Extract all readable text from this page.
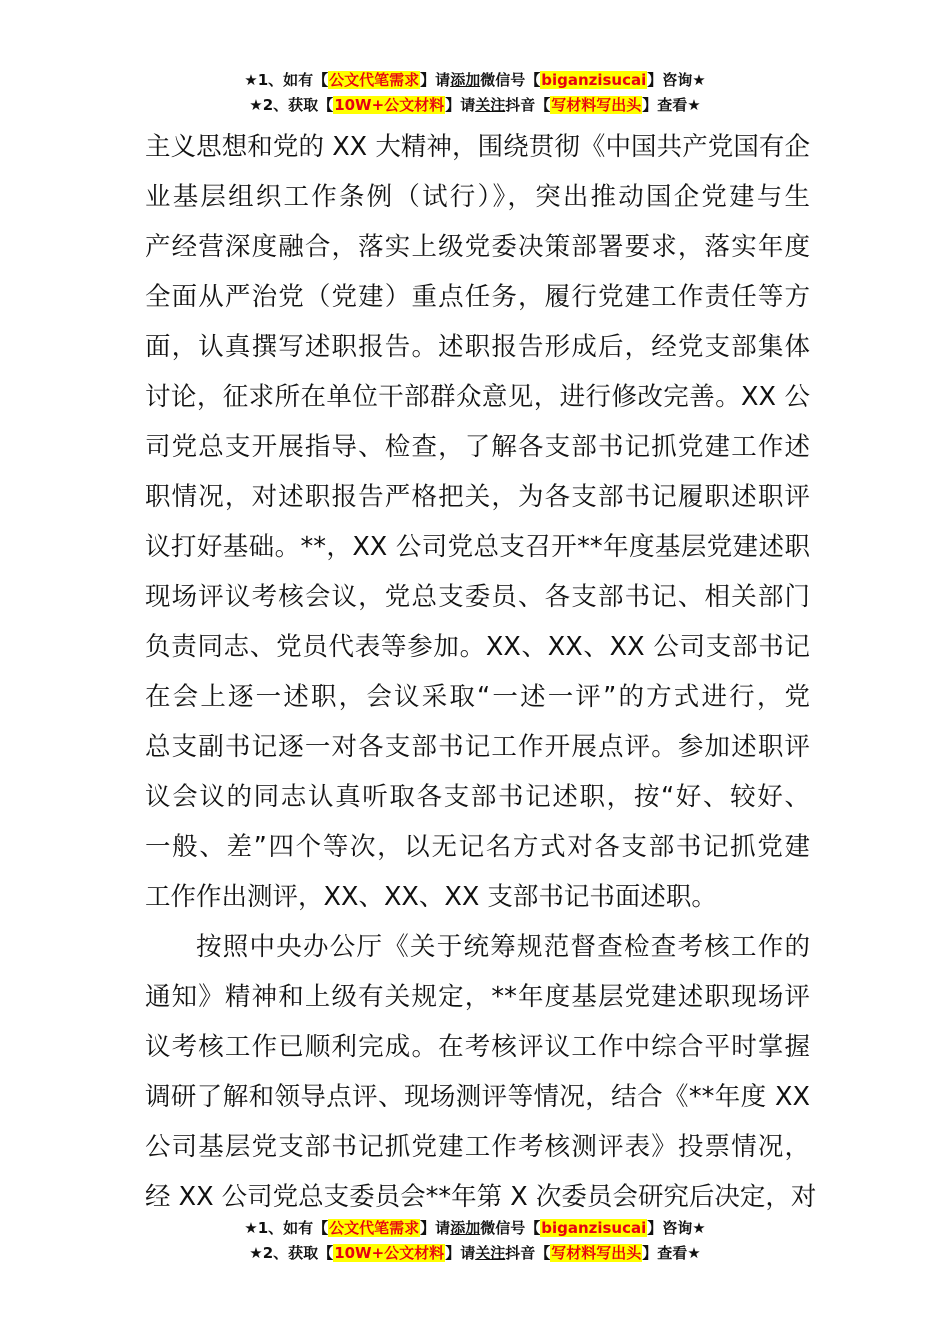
★1、如有【公文代笔需求】请添加微信号【biganzisucai】咨询★
★2、获取【10W+公文材料】请关注抖音【写材料写出头】查看★
主义思想和党的 XX 大精神，围绕贯彻《中国共产党国有企
业基层组织工作条例（试行）》，突出推动国企党建与生
产经营深度融合，落实上级党委决策部署要求，落实年度
全面从严治党（党建）重点任务，履行党建工作责任等方
面，认真撰写述职报告。述职报告形成后，经党支部集体
讨论，征求所在单位干部群众意见，进行修改完善。XX 公
司党总支开展指导、检查，了解各支部书记抓党建工作述
职情况，对述职报告严格把关，为各支部书记履职述职评
议打好基础。**，XX 公司党总支召开**年度基层党建述职
现场评议考核会议，党总支委员、各支部书记、相关部门
负责同志、党员代表等参加。XX、XX、XX 公司支部书记
在会上逐一述职，会议采取“一述一评”的方式进行，党
总支副书记逐一对各支部书记工作开展点评。参加述职评
议会议的同志认真听取各支部书记述职，按“好、较好、
一般、差”四个等次，以无记名方式对各支部书记抓党建
工作作出测评，XX、XX、XX 支部书记书面述职。
按照中央办公厅《关于统筹规范督查检查考核工作的
通知》精神和上级有关规定，**年度基层党建述职现场评
议考核工作已顺利完成。在考核评议工作中综合平时掌握
调研了解和领导点评、现场测评等情况，结合《**年度 XX
公司基层党支部书记抓党建工作考核测评表》投票情况，
经 XX 公司党总支委员会**年第 X 次委员会研究后决定，对
★1、如有【公文代笔需求】请添加微信号【biganzisucai】咨询★
★2、获取【10W+公文材料】请关注抖音【写材料写出头】查看★
